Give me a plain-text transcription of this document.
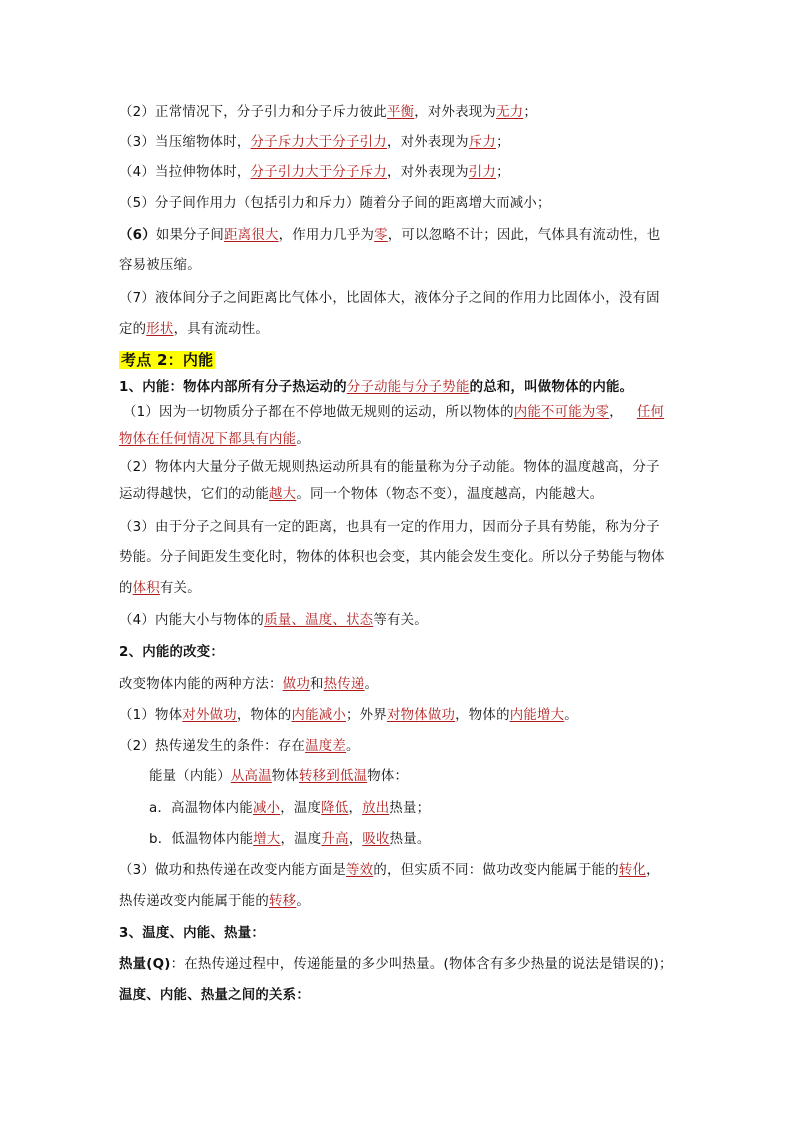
（2）正常情况下，分子引力和分子斥力彼此平衡，对外表现为无力；
（3）当压缩物体时，分子斥力大于分子引力，对外表现为斥力；
（4）当拉伸物体时，分子引力大于分子斥力，对外表现为引力；
（5）分子间作用力（包括引力和斥力）随着分子间的距离增大而减小；
（6）如果分子间距离很大，作用力几乎为零，可以忽略不计；因此，气体具有流动性，也
容易被压缩。
（7）液体间分子之间距离比气体小，比固体大，液体分子之间的作用力比固体小，没有固
定的形状，具有流动性。
考点 2：内能
1、内能：物体内部所有分子热运动的分子动能与分子势能的总和，叫做物体的内能。
（1）因为一切物质分子都在不停地做无规则的运动，所以物体的内能不可能为零， 任何
物体在任何情况下都具有内能。
（2）物体内大量分子做无规则热运动所具有的能量称为分子动能。物体的温度越高，分子
运动得越快，它们的动能越大。同一个物体（物态不变），温度越高，内能越大。
（3）由于分子之间具有一定的距离，也具有一定的作用力，因而分子具有势能，称为分子
势能。分子间距发生变化时，物体的体积也会变，其内能会发生变化。所以分子势能与物体
的体积有关。
（4）内能大小与物体的质量、温度、状态等有关。
2、内能的改变：
改变物体内能的两种方法：做功和热传递。
（1）物体对外做功，物体的内能减小；外界对物体做功，物体的内能增大。
（2）热传递发生的条件：存在温度差。
能量（内能）从高温物体转移到低温物体：
a．高温物体内能减小，温度降低，放出热量；
b．低温物体内能增大，温度升高，吸收热量。
（3）做功和热传递在改变内能方面是等效的，但实质不同：做功改变内能属于能的转化，
热传递改变内能属于能的转移。
3、温度、内能、热量：
热量(Q)：在热传递过程中，传递能量的多少叫热量。(物体含有多少热量的说法是错误的)；
温度、内能、热量之间的关系：
